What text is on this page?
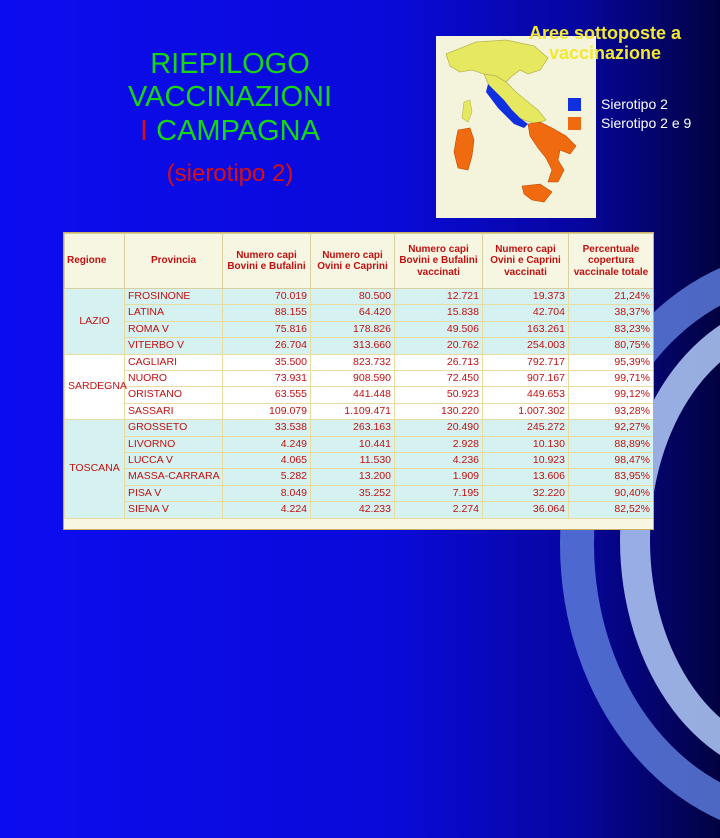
RIEPILOGO
VACCINAZIONI
I CAMPAGNA
(sierotipo 2)
Aree sottoposte a
vaccinazione
Sierotipo 2
Sierotipo 2 e 9
Regione	Provincia	Numero capi Bovini e Bufalini	Numero capi Ovini e Caprini	Numero capi Bovini e Bufalini vaccinati	Numero capi Ovini e Caprini vaccinati	Percentuale copertura vaccinale totale
LAZIO	FROSINONE	70.019	80.500	12.721	19.373	21,24%
	LATINA	88.155	64.420	15.838	42.704	38,37%
	ROMA V	75.816	178.826	49.506	163.261	83,23%
	VITERBO V	26.704	313.660	20.762	254.003	80,75%
SARDEGNA	CAGLIARI	35.500	823.732	26.713	792.717	95,39%
	NUORO	73.931	908.590	72.450	907.167	99,71%
	ORISTANO	63.555	441.448	50.923	449.653	99,12%
	SASSARI	109.079	1.109.471	130.220	1.007.302	93,28%
TOSCANA	GROSSETO	33.538	263.163	20.490	245.272	92,27%
	LIVORNO	4.249	10.441	2.928	10.130	88,89%
	LUCCA V	4.065	11.530	4.236	10.923	98,47%
	MASSA-CARRARA	5.282	13.200	1.909	13.606	83,95%
	PISA V	8.049	35.252	7.195	32.220	90,40%
	SIENA V	4.224	42.233	2.274	36.064	82,52%
